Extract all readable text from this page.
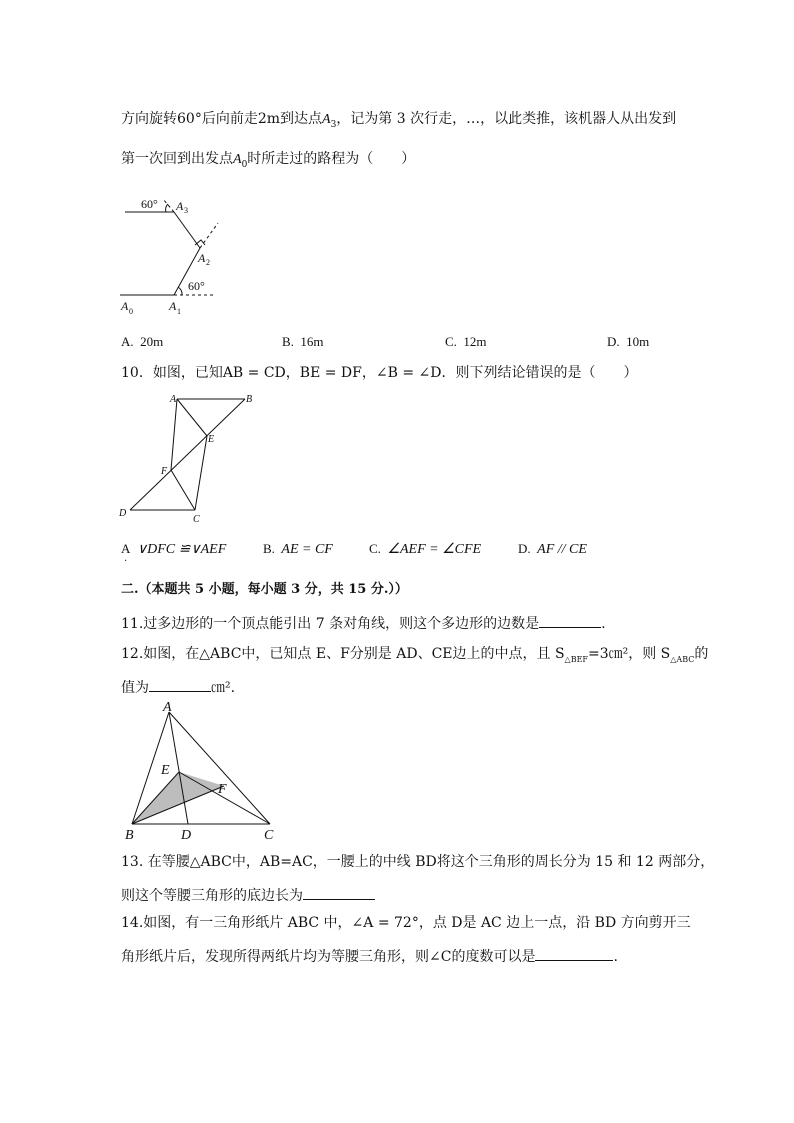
方向旋转60°后向前走2m到达点$A_3$，记为第 3 次行走，…，以此类推，该机器人从出发到
第一次回到出发点$A_0$时所走过的路程为（　　）
60°
60°
A 3
A 2
A 0	A 1
A. 20m	B. 16m	C. 12m	D. 10m
10．如图，已知AB = CD，BE = DF，∠B = ∠D．则下列结论错误的是（　　）
A	B
E
F
D
C
A ∨DFC ≌∨AEF
.
B. AE = CF	C. ∠AEF = ∠CFE	D. AF // CE
二.（本题共 5 小题，每小题 3 分，共 15 分.））
11.过多边形的一个顶点能引出 7 条对角线，则这个多边形的边数是	.
12.如图，在△ABC中，已知点 E、F分别是 AD、CE边上的中点，且 $S_{\triangle BEF}=3㎝^2$，则 $S_{\triangle ABC}$的
值为	㎝².
A
E
F
B	D	C
13. 在等腰△ABC中，AB=AC，一腰上的中线 BD将这个三角形的周长分为 15 和 12 两部分，
则这个等腰三角形的底边长为
14.如图，有一三角形纸片 ABC 中，∠A = 72°，点 D是 AC 边上一点，沿 BD 方向剪开三
角形纸片后，发现所得两纸片均为等腰三角形，则∠C的度数可以是	.
